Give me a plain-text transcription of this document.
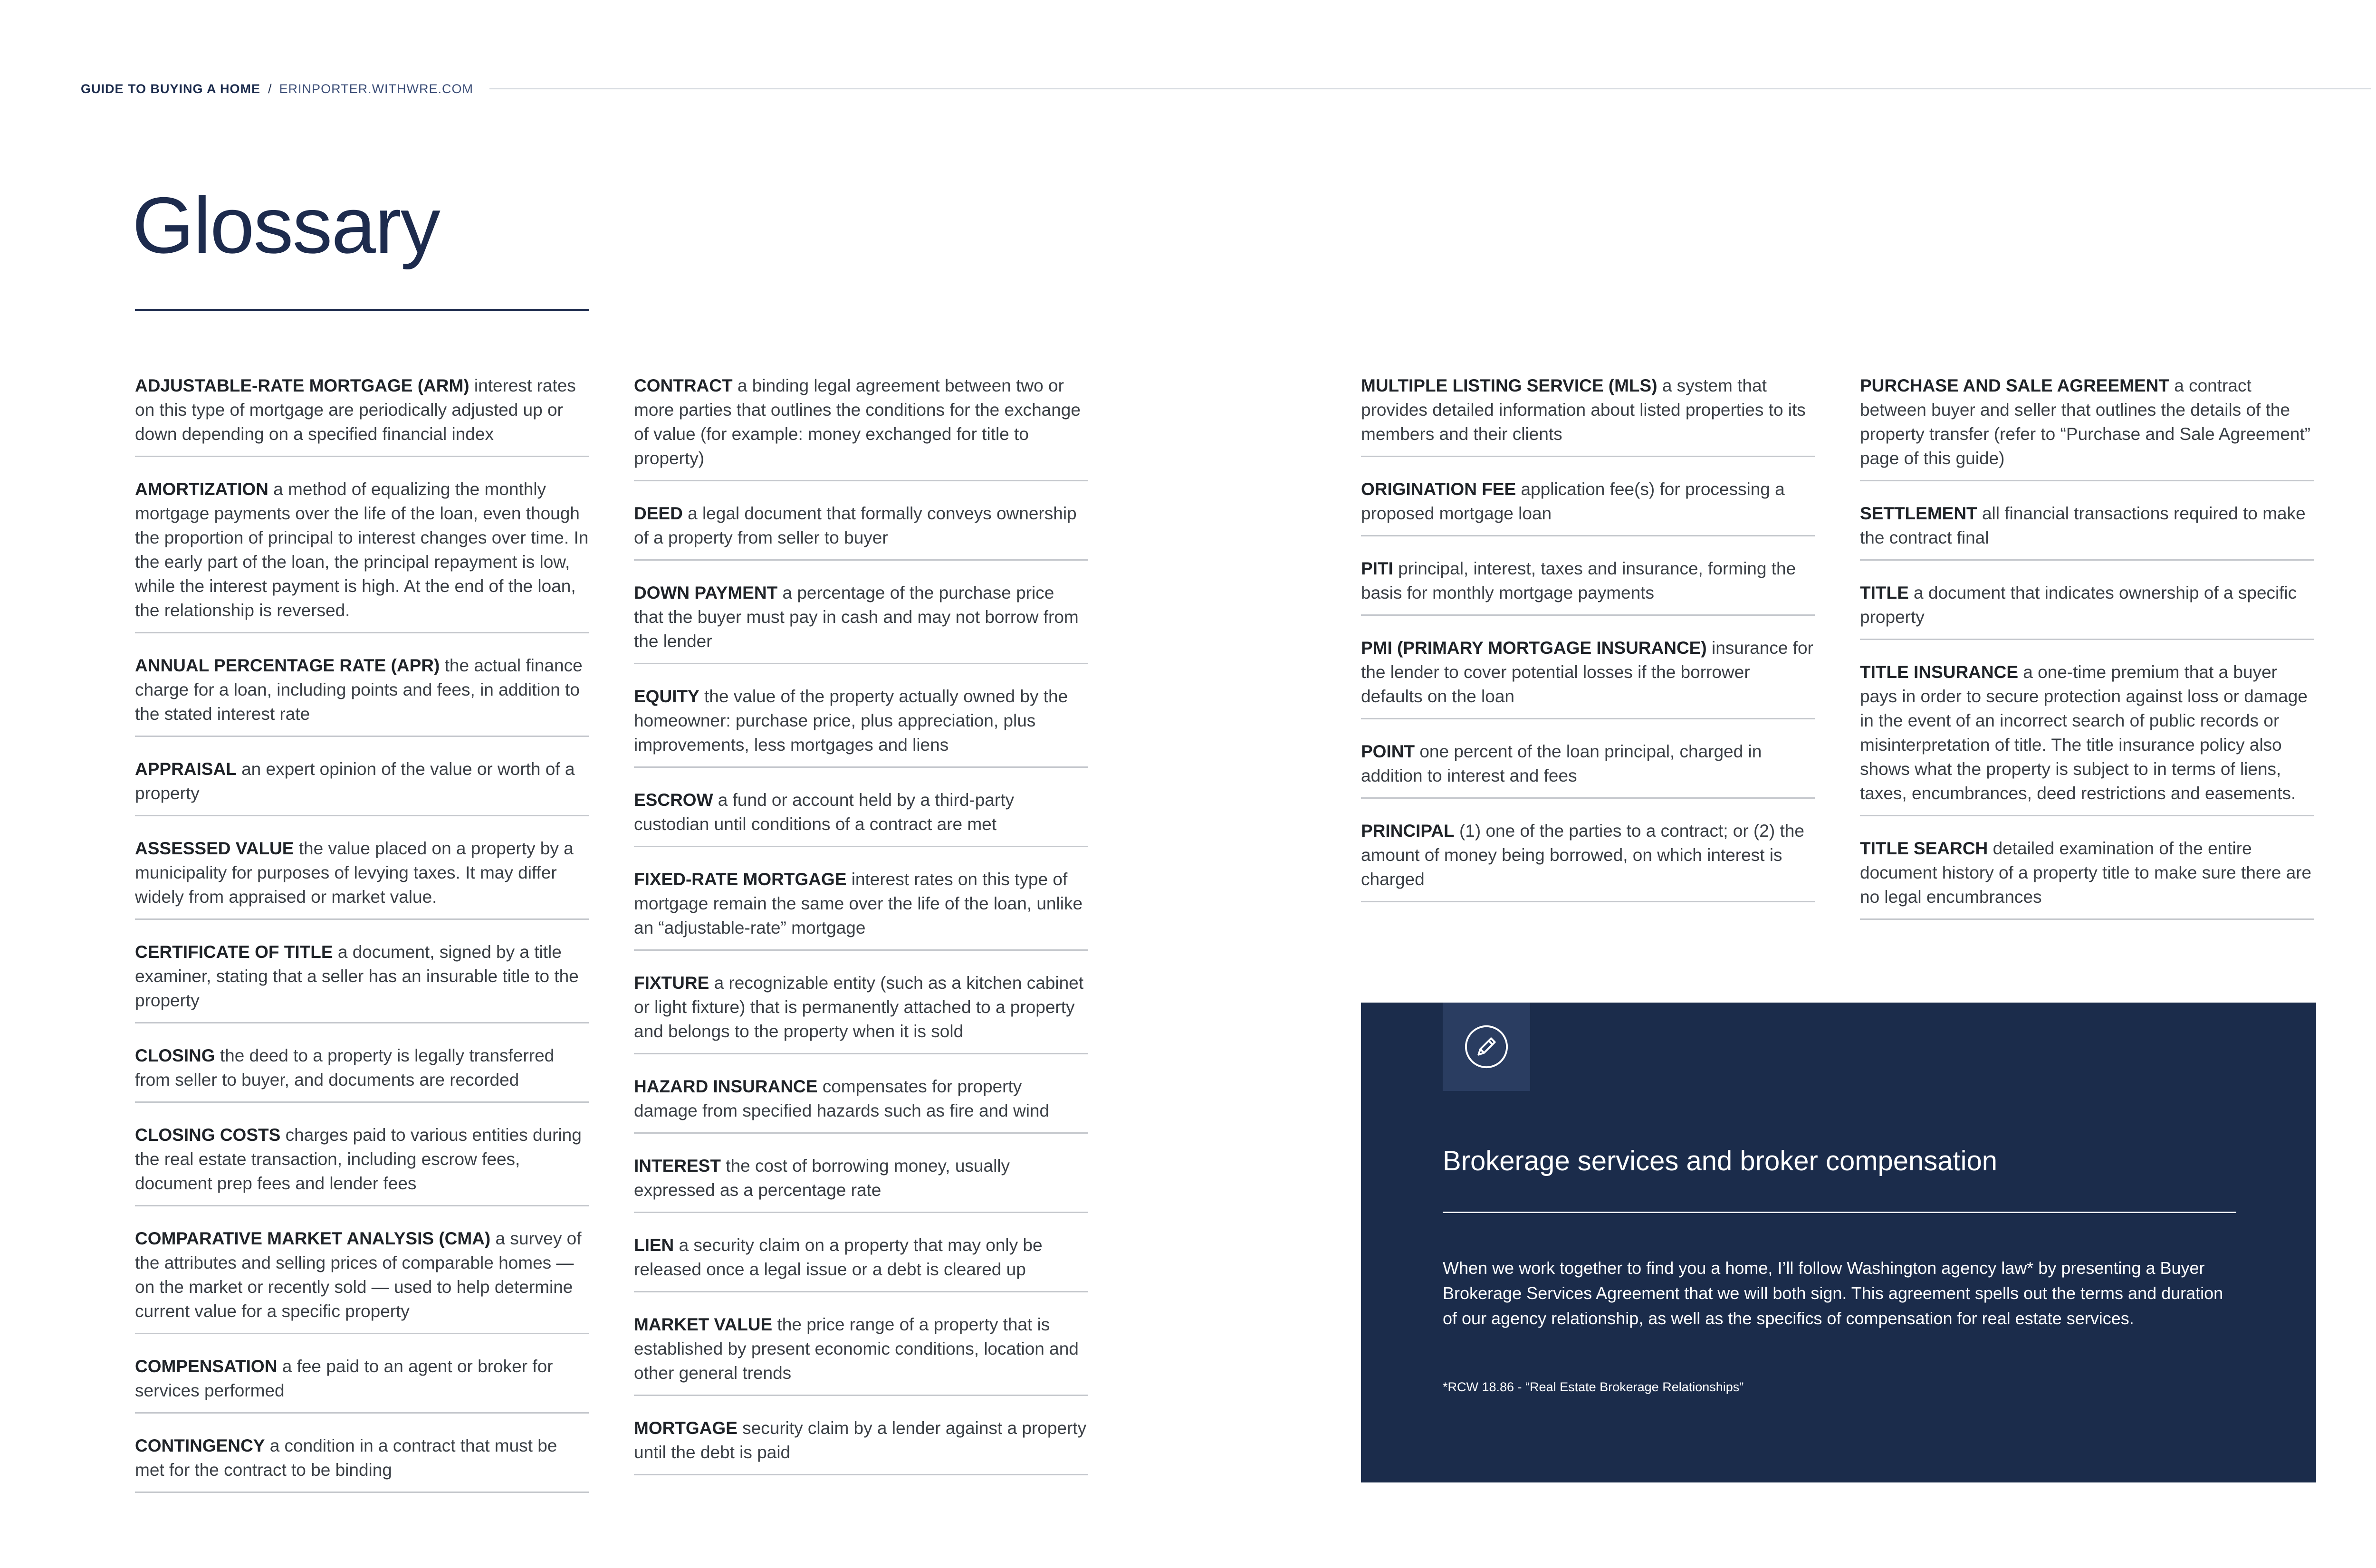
GUIDE TO BUYING A HOME / ERINPORTER.WITHWRE.COM
Glossary
ADJUSTABLE-RATE MORTGAGE (ARM) interest rates on this type of mortgage are periodically adjusted up or down depending on a specified financial index
AMORTIZATION a method of equalizing the monthly mortgage payments over the life of the loan, even though the proportion of principal to interest changes over time. In the early part of the loan, the principal repayment is low, while the interest payment is high. At the end of the loan, the relationship is reversed.
ANNUAL PERCENTAGE RATE (APR) the actual finance charge for a loan, including points and fees, in addition to the stated interest rate
APPRAISAL an expert opinion of the value or worth of a property
ASSESSED VALUE the value placed on a property by a municipality for purposes of levying taxes. It may differ widely from appraised or market value.
CERTIFICATE OF TITLE a document, signed by a title examiner, stating that a seller has an insurable title to the property
CLOSING the deed to a property is legally transferred from seller to buyer, and documents are recorded
CLOSING COSTS charges paid to various entities during the real estate transaction, including escrow fees, document prep fees and lender fees
COMPARATIVE MARKET ANALYSIS (CMA) a survey of the attributes and selling prices of comparable homes — on the market or recently sold — used to help determine current value for a specific property
COMPENSATION a fee paid to an agent or broker for services performed
CONTINGENCY a condition in a contract that must be met for the contract to be binding
CONTRACT a binding legal agreement between two or more parties that outlines the conditions for the exchange of value (for example: money exchanged for title to property)
DEED a legal document that formally conveys ownership of a property from seller to buyer
DOWN PAYMENT a percentage of the purchase price that the buyer must pay in cash and may not borrow from the lender
EQUITY the value of the property actually owned by the homeowner: purchase price, plus appreciation, plus improvements, less mortgages and liens
ESCROW a fund or account held by a third-party custodian until conditions of a contract are met
FIXED-RATE MORTGAGE interest rates on this type of mortgage remain the same over the life of the loan, unlike an “adjustable-rate” mortgage
FIXTURE a recognizable entity (such as a kitchen cabinet or light fixture) that is permanently attached to a property and belongs to the property when it is sold
HAZARD INSURANCE compensates for property damage from specified hazards such as fire and wind
INTEREST the cost of borrowing money, usually expressed as a percentage rate
LIEN a security claim on a property that may only be released once a legal issue or a debt is cleared up
MARKET VALUE the price range of a property that is established by present economic conditions, location and other general trends
MORTGAGE security claim by a lender against a property until the debt is paid
MULTIPLE LISTING SERVICE (MLS) a system that provides detailed information about listed properties to its members and their clients
ORIGINATION FEE application fee(s) for processing a proposed mortgage loan
PITI principal, interest, taxes and insurance, forming the basis for monthly mortgage payments
PMI (PRIMARY MORTGAGE INSURANCE) insurance for the lender to cover potential losses if the borrower defaults on the loan
POINT one percent of the loan principal, charged in addition to interest and fees
PRINCIPAL (1) one of the parties to a contract; or (2) the amount of money being borrowed, on which interest is charged
PURCHASE AND SALE AGREEMENT a contract between buyer and seller that outlines the details of the property transfer (refer to “Purchase and Sale Agreement” page of this guide)
SETTLEMENT all financial transactions required to make the contract final
TITLE a document that indicates ownership of a specific property
TITLE INSURANCE a one-time premium that a buyer pays in order to secure protection against loss or damage in the event of an incorrect search of public records or misinterpretation of title. The title insurance policy also shows what the property is subject to in terms of liens, taxes, encumbrances, deed restrictions and easements.
TITLE SEARCH detailed examination of the entire document history of a property title to make sure there are no legal encumbrances
Brokerage services and broker compensation

When we work together to find you a home, I’ll follow Washington agency law* by presenting a Buyer Brokerage Services Agreement that we will both sign. This agreement spells out the terms and duration of our agency relationship, as well as the specifics of compensation for real estate services.

*RCW 18.86 - “Real Estate Brokerage Relationships”
